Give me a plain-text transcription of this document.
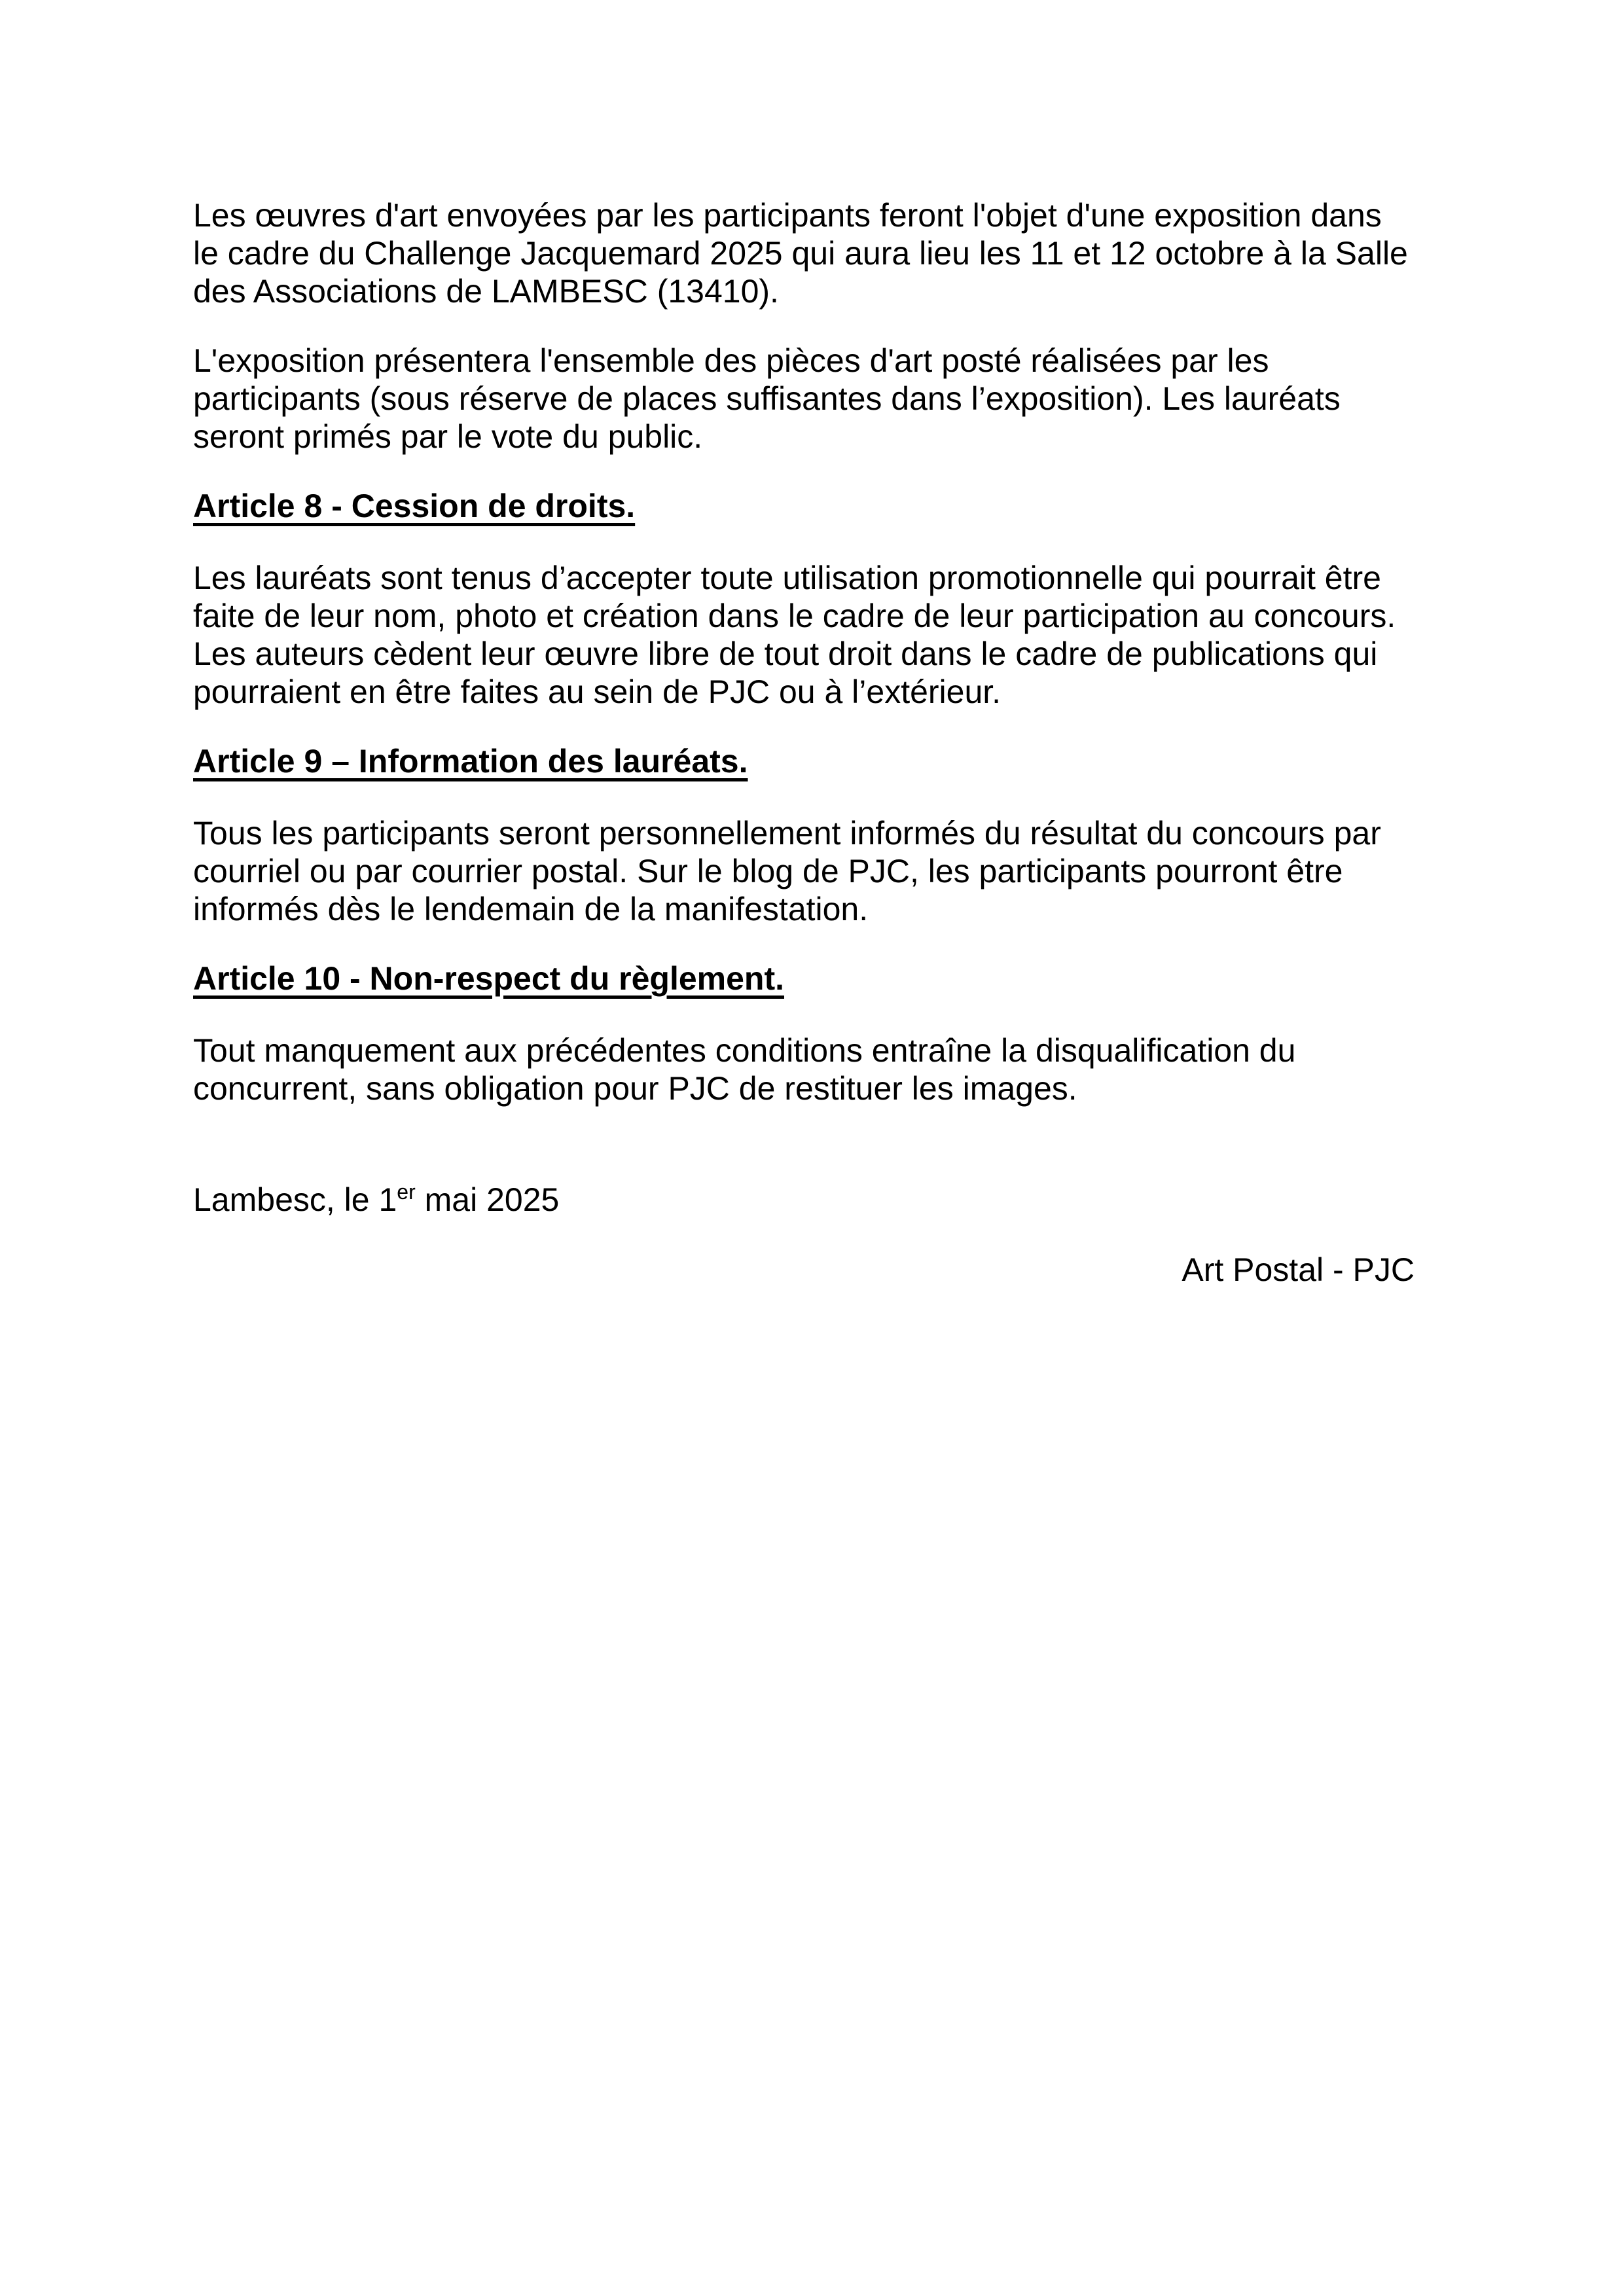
Les œuvres d'art envoyées par les participants feront l'objet d'une exposition dans le cadre du Challenge Jacquemard 2025 qui aura lieu les 11 et 12 octobre à la Salle des Associations de LAMBESC (13410).

L'exposition présentera l'ensemble des pièces d'art posté réalisées par les participants (sous réserve de places suffisantes dans l’exposition). Les lauréats seront primés par le vote du public.

Article 8 - Cession de droits.

Les lauréats sont tenus d’accepter toute utilisation promotionnelle qui pourrait être faite de leur nom, photo et création dans le cadre de leur participation au concours. Les auteurs cèdent leur œuvre libre de tout droit dans le cadre de publications qui pourraient en être faites au sein de PJC ou à l’extérieur.

Article 9 – Information des lauréats.

Tous les participants seront personnellement informés du résultat du concours par courriel ou par courrier postal. Sur le blog de PJC, les participants pourront être informés dès le lendemain de la manifestation.

Article 10 - Non-respect du règlement.

Tout manquement aux précédentes conditions entraîne la disqualification du concurrent, sans obligation pour PJC de restituer les images.

Lambesc, le 1er mai 2025

Art Postal - PJC
